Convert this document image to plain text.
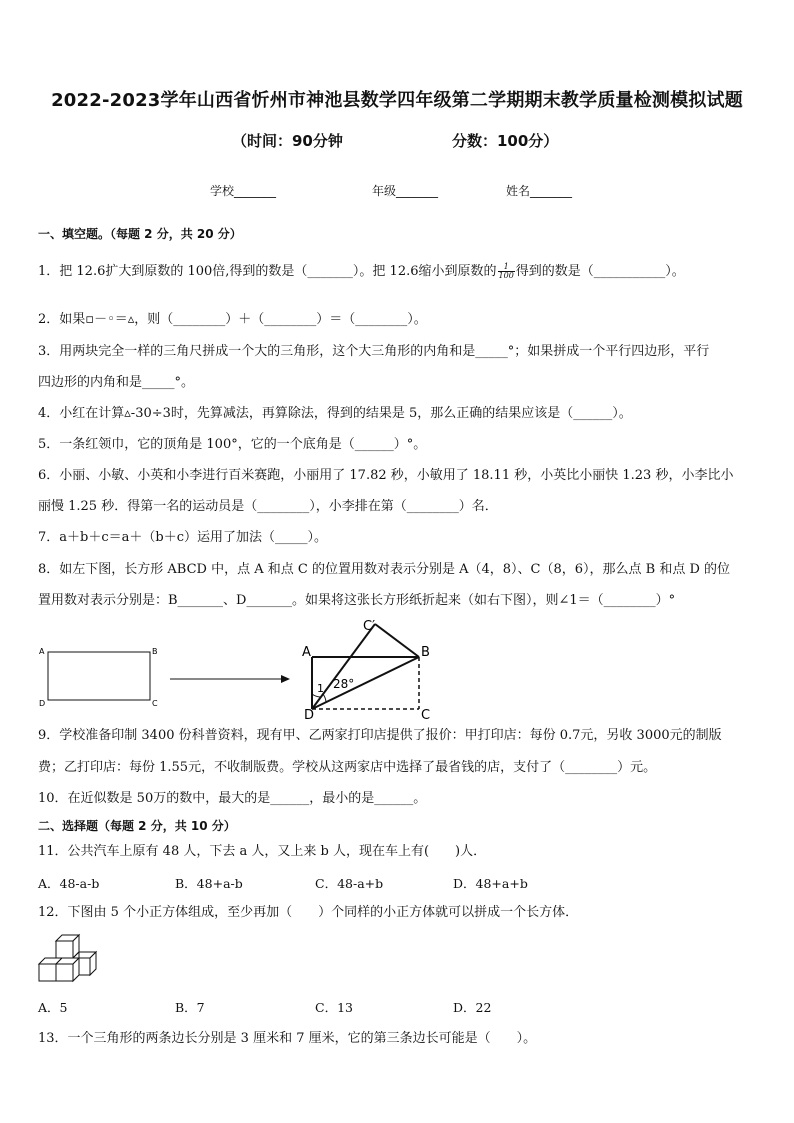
2022-2023学年山西省忻州市神池县数学四年级第二学期期末教学质量检测模拟试题
（时间：90分钟	分数：100分）
学校_______	年级_______	姓名_______
一、填空题。（每题 2 分，共 20 分）
1．把 12.6扩大到原数的 100倍,得到的数是（_______）。把 12.6缩小到原数的 $\frac{1}{100}$ 得到的数是（___________）。
2．如果▫－◦＝▵，则（________）＋（________）＝（________）。
3．用两块完全一样的三角尺拼成一个大的三角形，这个大三角形的内角和是_____°；如果拼成一个平行四边形，平行
四边形的内角和是_____°。
4．小红在计算▵-30÷3时，先算减法，再算除法，得到的结果是 5，那么正确的结果应该是（______）。
5．一条红领巾，它的顶角是 100°，它的一个底角是（______）°。
6．小丽、小敏、小英和小李进行百米赛跑，小丽用了 17.82 秒，小敏用了 18.11 秒，小英比小丽快 1.23 秒，小李比小
丽慢 1.25 秒．得第一名的运动员是（________），小李排在第（________）名．
7．a＋b＋c＝a＋（b＋c）运用了加法（_____）。
8．如左下图，长方形 ABCD 中，点 A 和点 C 的位置用数对表示分别是 A（4，8）、C（8，6），那么点 B 和点 D 的位
置用数对表示分别是：B_______、D_______。如果将这张长方形纸折起来（如右下图），则∠1＝（________）°
A	B
C
D
A	B
C
D
C′
1 28°
9．学校准备印制 3400 份科普资料，现有甲、乙两家打印店提供了报价：甲打印店：每份 0.7元，另收 3000元的制版
费；乙打印店：每份 1.55元，不收制版费。学校从这两家店中选择了最省钱的店，支付了（________）元。
10．在近似数是 50万的数中，最大的是______，最小的是______。
二、选择题（每题 2 分，共 10 分）
11．公共汽车上原有 48 人，下去 a 人，又上来 b 人，现在车上有(　　)人．
A．48-a-b	B．48+a-b	C．48-a+b	D．48+a+b
12．下图由 5 个小正方体组成，至少再加（　　）个同样的小正方体就可以拼成一个长方体．
A．5	B．7	C．13	D．22
13．一个三角形的两条边长分别是 3 厘米和 7 厘米，它的第三条边长可能是（　　）。
